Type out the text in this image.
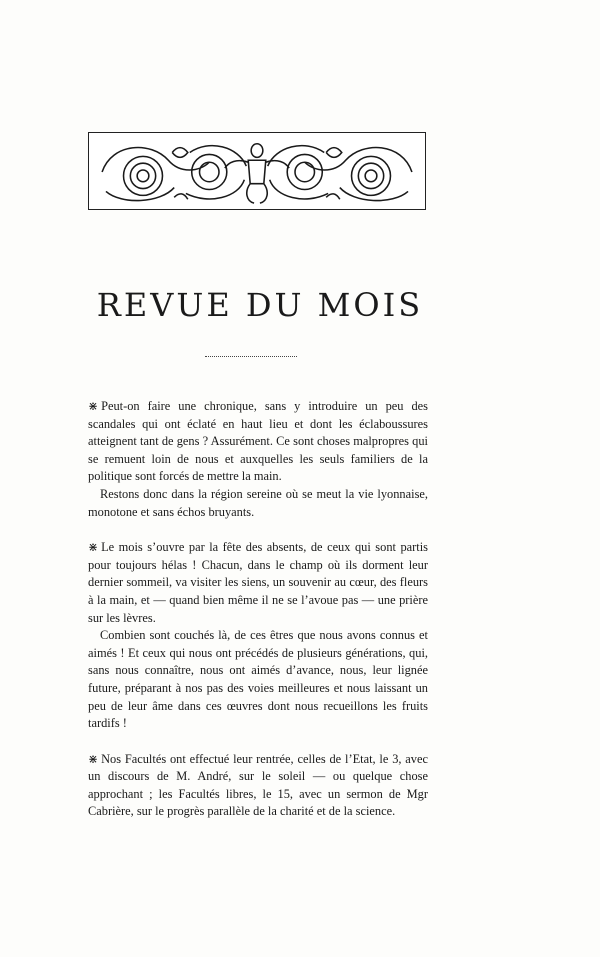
REVUE DU MOIS

⋇ Peut-on faire une chronique, sans y introduire un peu des scandales qui ont éclaté en haut lieu et dont les éclaboussures atteignent tant de gens ? Assurément. Ce sont choses malpropres qui se remuent loin de nous et auxquelles les seuls familiers de la politique sont forcés de mettre la main.

Restons donc dans la région sereine où se meut la vie lyonnaise, monotone et sans échos bruyants.

⋇ Le mois s’ouvre par la fête des absents, de ceux qui sont partis pour toujours hélas ! Chacun, dans le champ où ils dorment leur dernier sommeil, va visiter les siens, un souvenir au cœur, des fleurs à la main, et — quand bien même il ne se l’avoue pas — une prière sur les lèvres.

Combien sont couchés là, de ces êtres que nous avons connus et aimés ! Et ceux qui nous ont précédés de plusieurs générations, qui, sans nous connaître, nous ont aimés d’avance, nous, leur lignée future, préparant à nos pas des voies meilleures et nous laissant un peu de leur âme dans ces œuvres dont nous recueillons les fruits tardifs !

⋇ Nos Facultés ont effectué leur rentrée, celles de l’Etat, le 3, avec un discours de M. André, sur le soleil — ou quelque chose approchant ; les Facultés libres, le 15, avec un sermon de Mgr Cabrière, sur le progrès parallèle de la charité et de la science.
